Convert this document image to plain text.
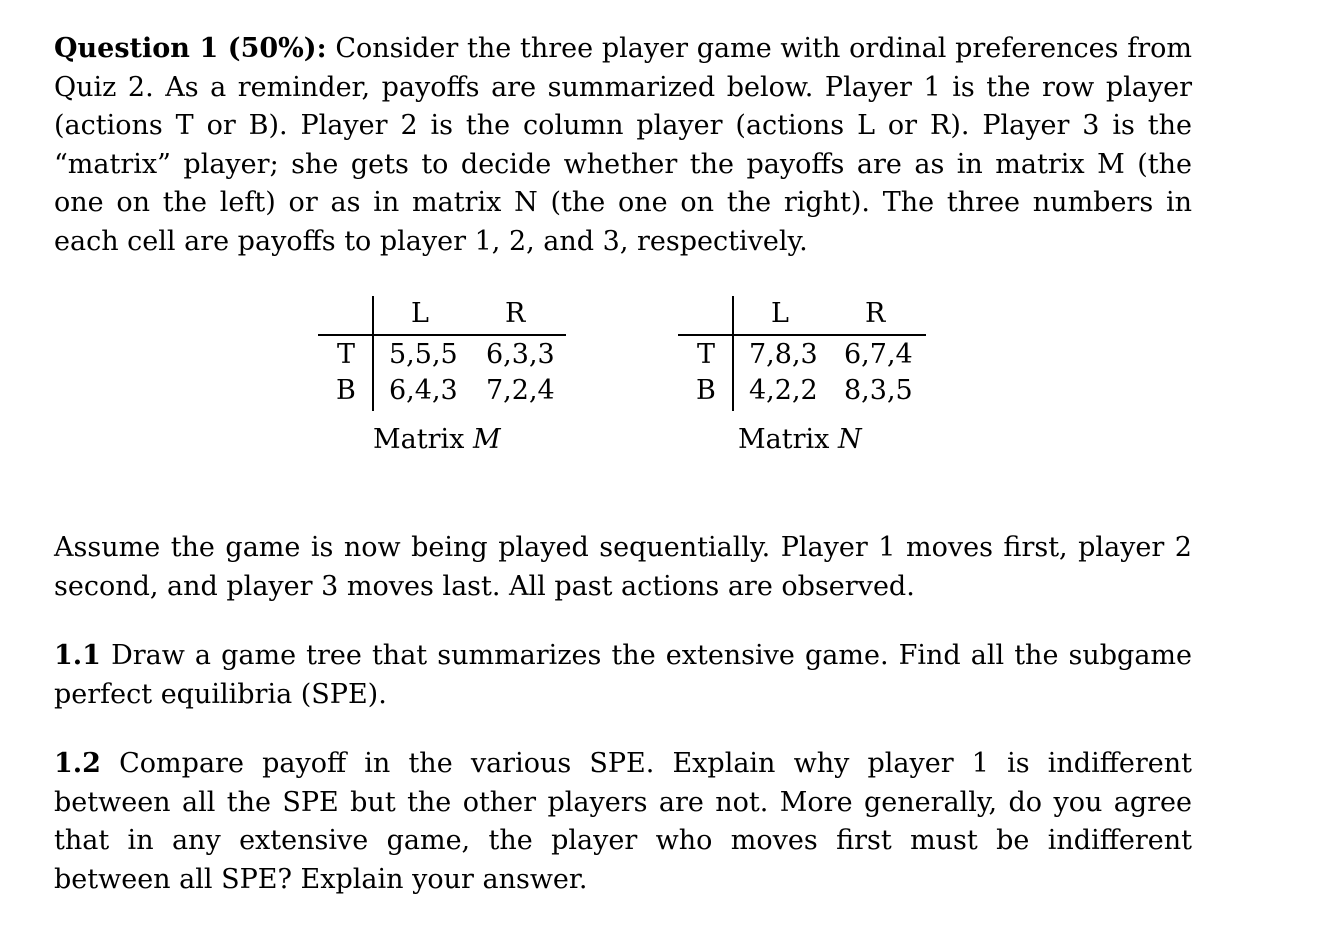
Question 1 (50%): Consider the three player game with ordinal preferences from Quiz 2. As a reminder, payoffs are summarized below. Player 1 is the row player (actions T or B). Player 2 is the column player (actions L or R). Player 3 is the “matrix” player; she gets to decide whether the payoffs are as in matrix M (the one on the left) or as in matrix N (the one on the right). The three numbers in each cell are payoffs to player 1, 2, and 3, respectively.

L	R
T
B
5,5,5 6,3,3
6,4,3 7,2,4
Matrix M
L	R
T
B
7,8,3 6,7,4
4,2,2 8,3,5
Matrix N

Assume the game is now being played sequentially. Player 1 moves first, player 2 second, and player 3 moves last. All past actions are observed.

1.1 Draw a game tree that summarizes the extensive game. Find all the subgame perfect equilibria (SPE).

1.2 Compare payoff in the various SPE. Explain why player 1 is indifferent between all the SPE but the other players are not. More generally, do you agree that in any extensive game, the player who moves first must be indifferent between all SPE? Explain your answer.
